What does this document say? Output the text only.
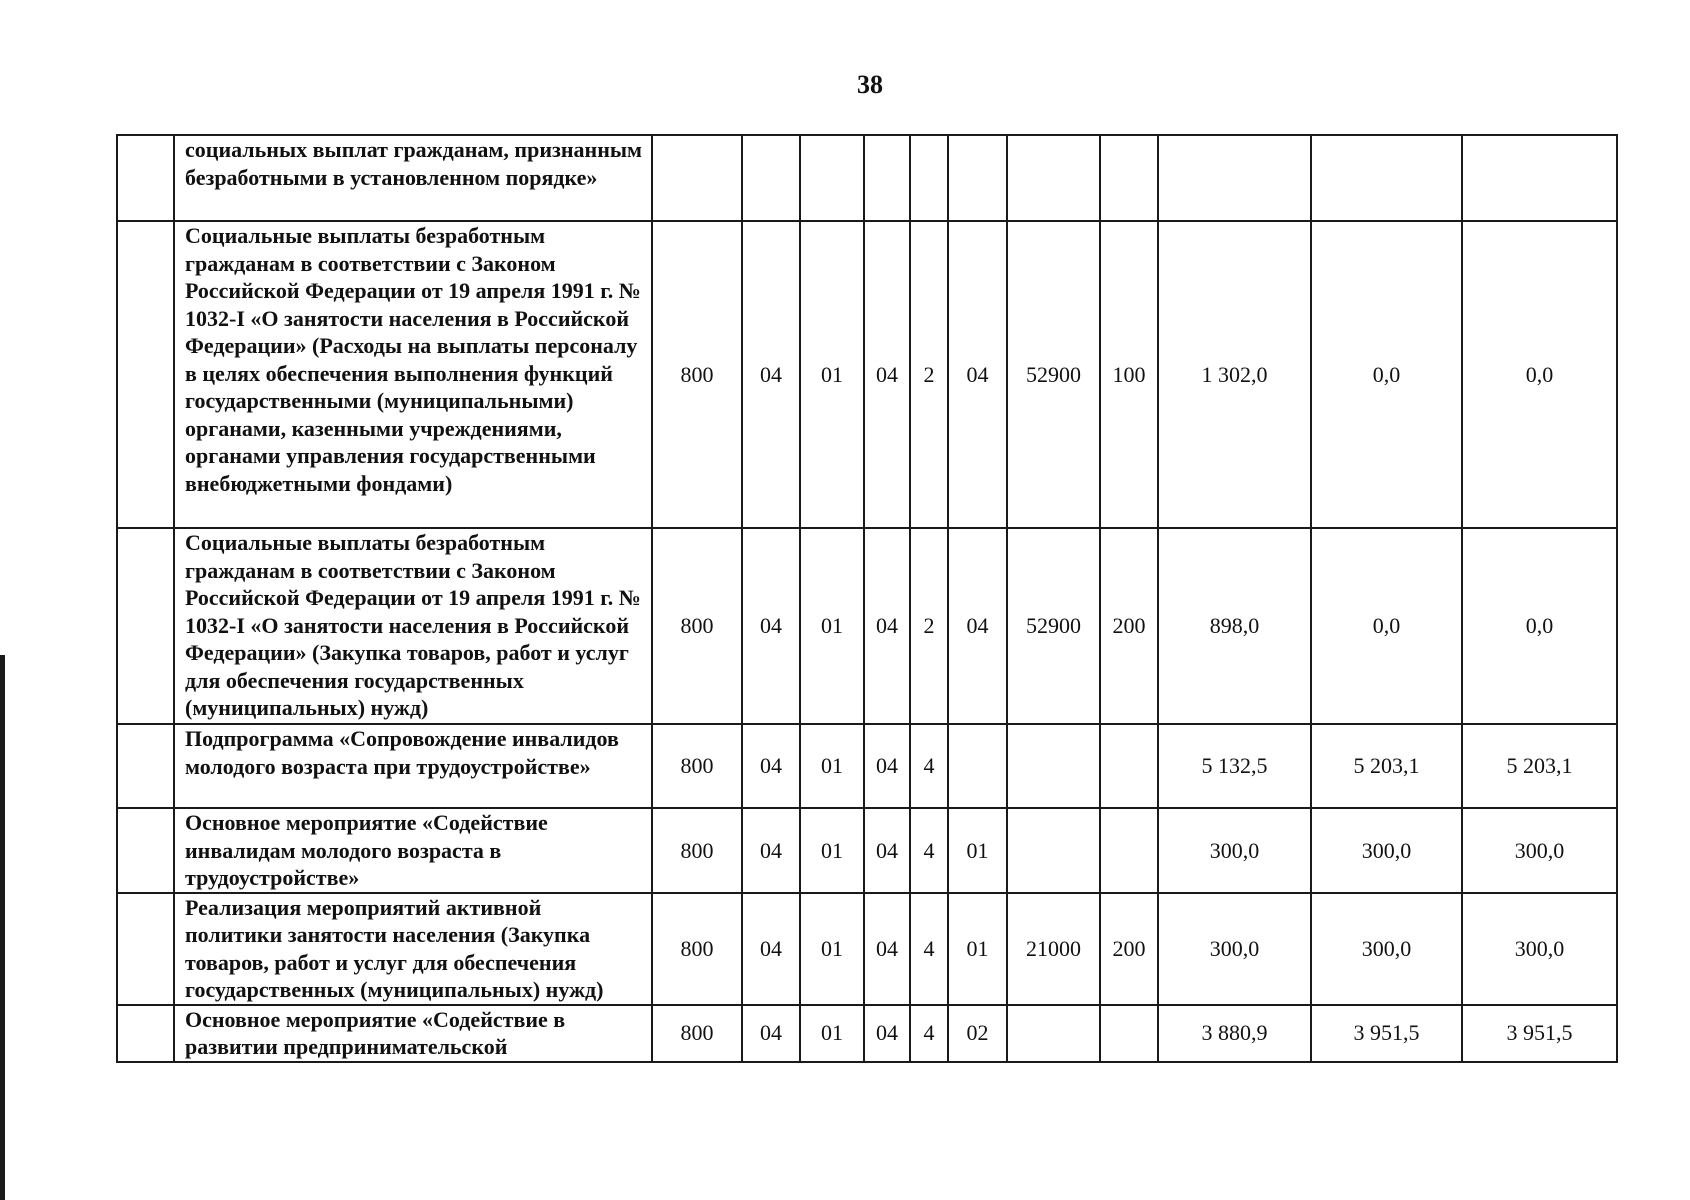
38
	социальных выплат гражданам, признанным безработными в установленном порядке»											
	Социальные выплаты безработным гражданам в соответствии с Законом Российской Федерации от 19 апреля 1991 г. № 1032-I «О занятости населения в Российской Федерации» (Расходы на выплаты персоналу в целях обеспечения выполнения функций государственными (муниципальными) органами, казенными учреждениями, органами управления государственными внебюджетными фондами)	800	04	01	04	2	04	52900	100	1 302,0	0,0	0,0
	Социальные выплаты безработным гражданам в соответствии с Законом Российской Федерации от 19 апреля 1991 г. № 1032-I «О занятости населения в Российской Федерации» (Закупка товаров, работ и услуг для обеспечения государственных (муниципальных) нужд)	800	04	01	04	2	04	52900	200	898,0	0,0	0,0
	Подпрограмма «Сопровождение инвалидов молодого возраста при трудоустройстве»	800	04	01	04	4				5 132,5	5 203,1	5 203,1
	Основное мероприятие «Содействие инвалидам молодого возраста в трудоустройстве»	800	04	01	04	4	01			300,0	300,0	300,0
	Реализация мероприятий активной политики занятости населения (Закупка товаров, работ и услуг для обеспечения государственных (муниципальных) нужд)	800	04	01	04	4	01	21000	200	300,0	300,0	300,0
	Основное мероприятие «Содействие в развитии предпринимательской	800	04	01	04	4	02			3 880,9	3 951,5	3 951,5
